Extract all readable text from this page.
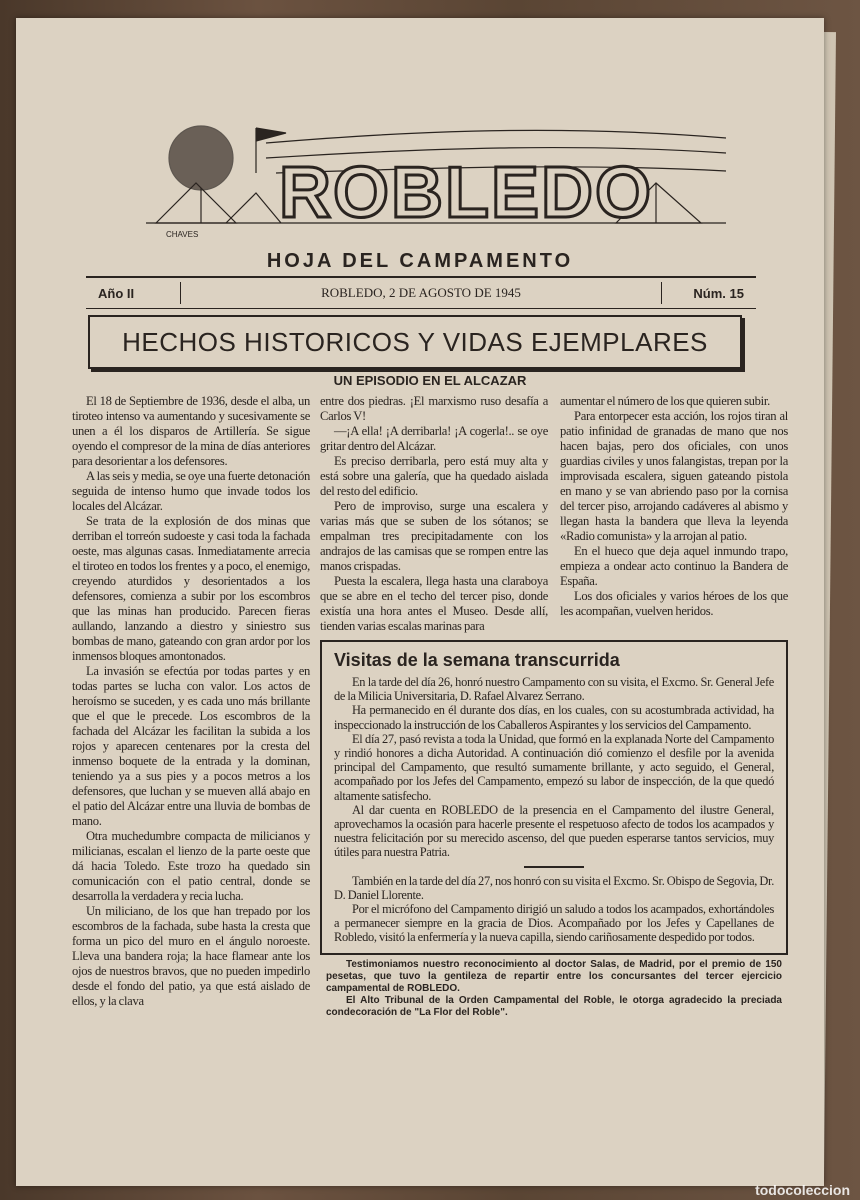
ROBLEDO
CHAVES
HOJA DEL CAMPAMENTO
Año II	ROBLEDO, 2 DE AGOSTO DE 1945	Núm. 15
HECHOS HISTORICOS Y VIDAS EJEMPLARES
UN EPISODIO EN EL ALCAZAR

El 18 de Septiembre de 1936, desde el alba, un tiroteo intenso va aumentando y sucesivamente se unen a él los disparos de Artillería. Se sigue oyendo el compresor de la mina de días anteriores para desorientar a los defensores.

A las seis y media, se oye una fuerte detonación seguida de intenso humo que invade todos los locales del Alcázar.

Se trata de la explosión de dos minas que derriban el torreón sudoeste y casi toda la fachada oeste, mas algunas casas. Inmediatamente arrecia el tiroteo en todos los frentes y a poco, el enemigo, creyendo aturdidos y desorientados a los defensores, comienza a subir por los escombros que las minas han producido. Parecen fieras aullando, lanzando a diestro y siniestro sus bombas de mano, gateando con gran ardor por los inmensos bloques amontonados.

La invasión se efectúa por todas partes y en todas partes se lucha con valor. Los actos de heroísmo se suceden, y es cada uno más brillante que el que le precede. Los escombros de la fachada del Alcázar les facilitan la subida a los rojos y aparecen centenares por la cresta del inmenso boquete de la entrada y la dominan, teniendo ya a sus pies y a pocos metros a los defensores, que luchan y se mueven allá abajo en el patio del Alcázar entre una lluvia de bombas de mano.

Otra muchedumbre compacta de milicianos y milicianas, escalan el lienzo de la parte oeste que dá hacia Toledo. Este trozo ha quedado sin comunicación con el patio central, donde se desarrolla la verdadera y recia lucha.

Un miliciano, de los que han trepado por los escombros de la fachada, sube hasta la cresta que forma un pico del muro en el ángulo noroeste. Lleva una bandera roja; la hace flamear ante los ojos de nuestros bravos, que no pueden impedirlo desde el fondo del patio, ya que está aislado de ellos, y la clava

entre dos piedras. ¡El marxismo ruso desafía a Carlos V!

—¡A ella! ¡A derribarla! ¡A cogerla!.. se oye gritar dentro del Alcázar.

Es preciso derribarla, pero está muy alta y está sobre una galería, que ha quedado aislada del resto del edificio.

Pero de improviso, surge una escalera y varias más que se suben de los sótanos; se empalman tres precipitadamente con los andrajos de las camisas que se rompen entre las manos crispadas.

Puesta la escalera, llega hasta una claraboya que se abre en el techo del tercer piso, donde existía una hora antes el Museo. Desde allí, tienden varias escalas marinas para

aumentar el número de los que quieren subir.

Para entorpecer esta acción, los rojos tiran al patio infinidad de granadas de mano que nos hacen bajas, pero dos oficiales, con unos guardias civiles y unos falangistas, trepan por la improvisada escalera, siguen gateando pistola en mano y se van abriendo paso por la cornisa del tercer piso, arrojando cadáveres al abismo y llegan hasta la bandera que lleva la leyenda «Radio comunista» y la arrojan al patio.

En el hueco que deja aquel inmundo trapo, empieza a ondear acto continuo la Bandera de España.

Los dos oficiales y varios héroes de los que les acompañan, vuelven heridos.

Visitas de la semana transcurrida

En la tarde del día 26, honró nuestro Campamento con su visita, el Excmo. Sr. General Jefe de la Milicia Universitaria, D. Rafael Alvarez Serrano.

Ha permanecido en él durante dos días, en los cuales, con su acostumbrada actividad, ha inspeccionado la instrucción de los Caballeros Aspirantes y los servicios del Campamento.

El día 27, pasó revista a toda la Unidad, que formó en la explanada Norte del Campamento y rindió honores a dicha Autoridad. A continuación dió comienzo el desfile por la avenida principal del Campamento, que resultó sumamente brillante, y acto seguido, el General, acompañado por los Jefes del Campamento, empezó su labor de inspección, de la que quedó altamente satisfecho.

Al dar cuenta en ROBLEDO de la presencia en el Campamento del ilustre General, aprovechamos la ocasión para hacerle presente el respetuoso afecto de todos los acampados y nuestra felicitación por su merecido ascenso, del que pueden esperarse tantos servicios, muy útiles para nuestra Patria.

También en la tarde del día 27, nos honró con su visita el Excmo. Sr. Obispo de Segovia, Dr. D. Daniel Llorente.

Por el micrófono del Campamento dirigió un saludo a todos los acampados, exhortándoles a permanecer siempre en la gracia de Dios. Acompañado por los Jefes y Capellanes de Robledo, visitó la enfermería y la nueva capilla, siendo cariñosamente despedido por todos.

Testimoniamos nuestro reconocimiento al doctor Salas, de Madrid, por el premio de 150 pesetas, que tuvo la gentileza de repartir entre los concursantes del tercer ejercicio campamental de ROBLEDO.

El Alto Tribunal de la Orden Campamental del Roble, le otorga agradecido la preciada condecoración de "La Flor del Roble".

todocoleccion
